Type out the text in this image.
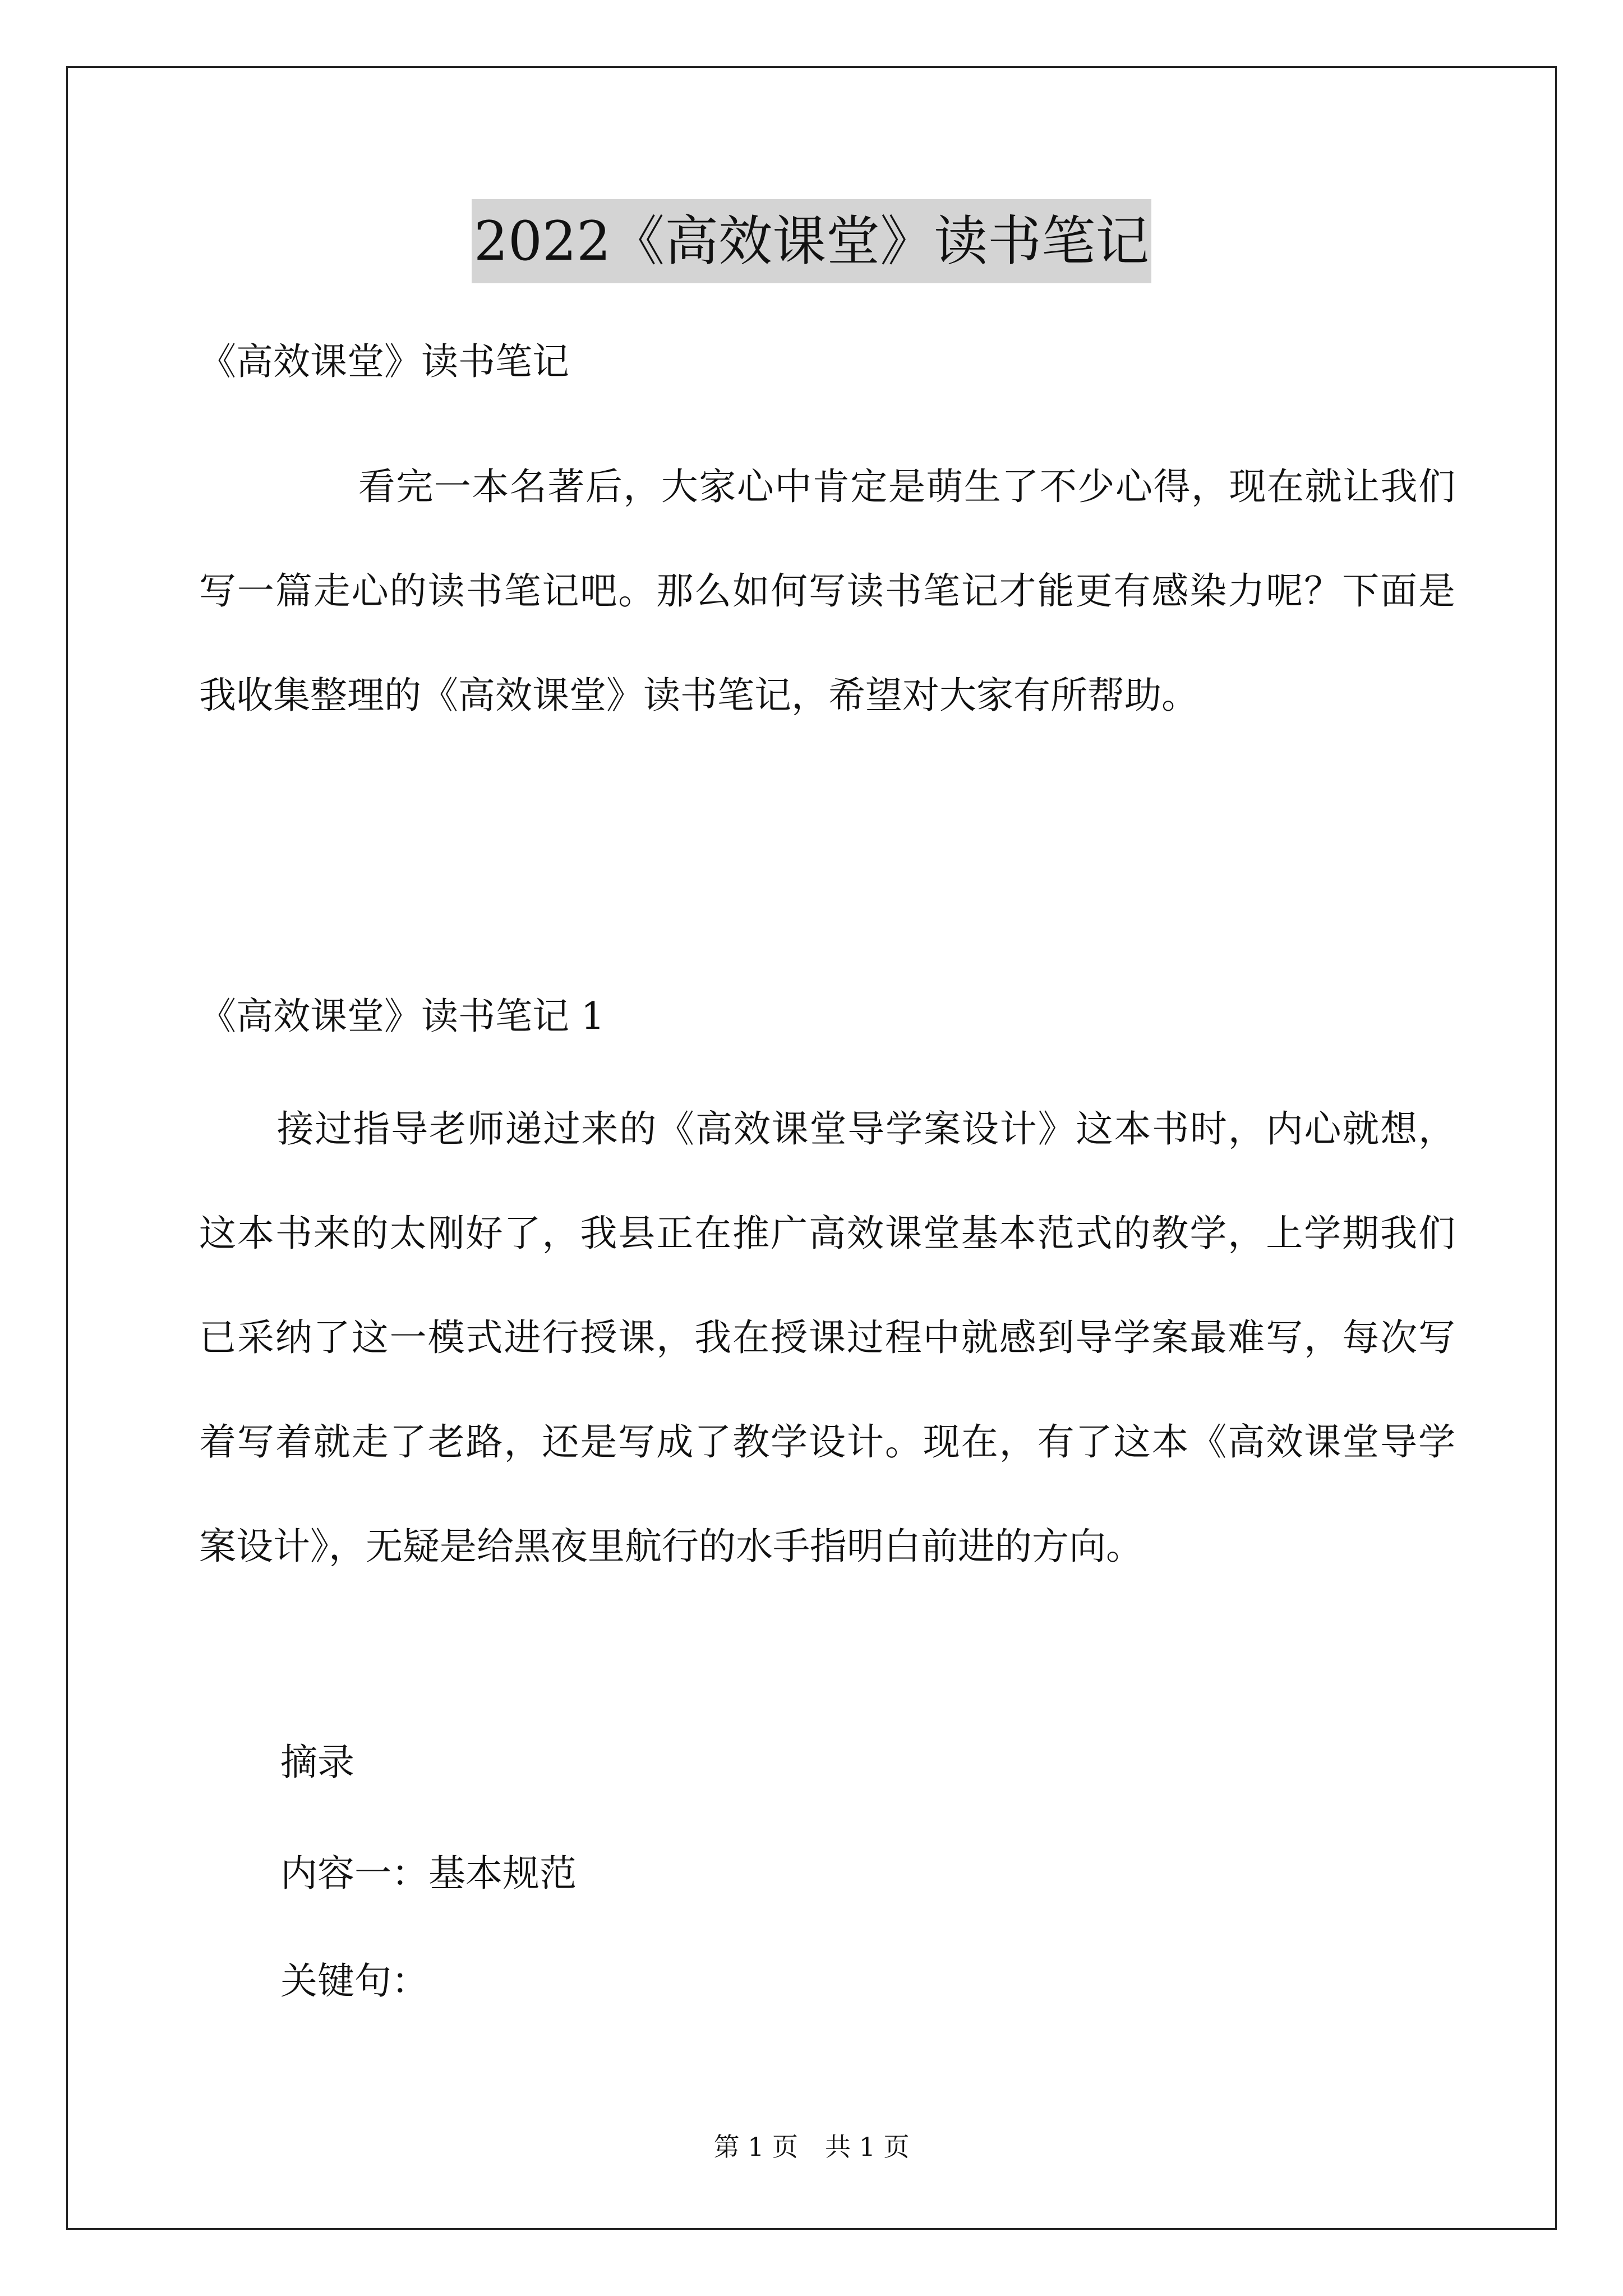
2022《高效课堂》读书笔记
《高效课堂》读书笔记
看完一本名著后，大家心中肯定是萌生了不少心得，现在就让我们写一篇走心的读书笔记吧。那么如何写读书笔记才能更有感染力呢？下面是我收集整理的《高效课堂》读书笔记，希望对大家有所帮助。
《高效课堂》读书笔记 1
接过指导老师递过来的《高效课堂导学案设计》这本书时，内心就想，这本书来的太刚好了，我县正在推广高效课堂基本范式的教学，上学期我们已采纳了这一模式进行授课，我在授课过程中就感到导学案最难写，每次写着写着就走了老路，还是写成了教学设计。现在，有了这本《高效课堂导学案设计》，无疑是给黑夜里航行的水手指明白前进的方向。
摘录
内容一：基本规范
关键句：
第 1 页 共 1 页
